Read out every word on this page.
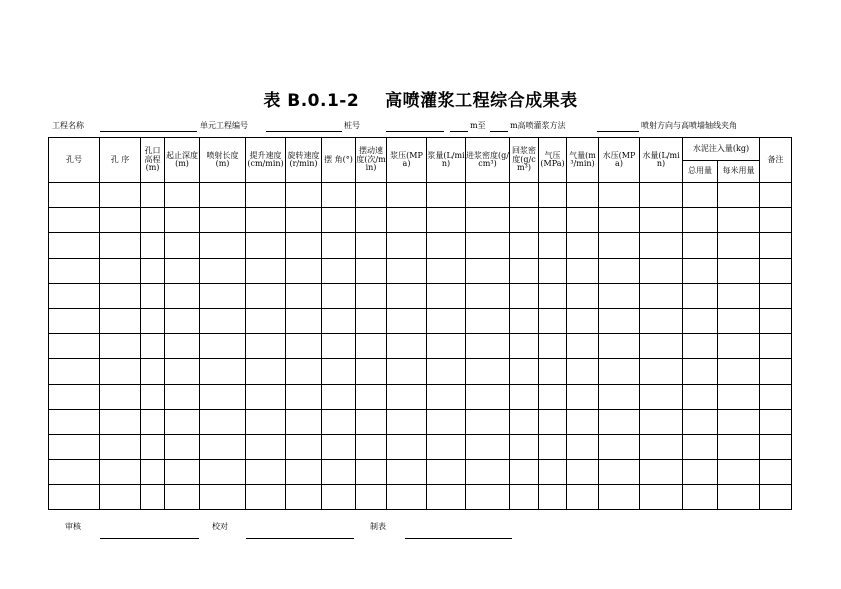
表 B.0.1-2 高喷灌浆工程综合成果表
工程名称	单元工程编号	桩号	m至	m高喷灌浆方法	喷射方向与高喷墙轴线夹角
孔号	孔 序	孔口高程(m)	起止深度(m)	喷射长度(m)	提升速度(cm/min)	旋转速度(r/min)	摆 角(°)	摆动速度(次/min)	浆压(MPa)	浆量(L/min)	进浆密度(g/cm³)	回浆密度(g/cm³)	气压(MPa)	气量(m³/min)	水压(MPa)	水量(L/min)	水泥注入量(kg)		备注
																	总用量	每米用量	

审核	校对	制表
